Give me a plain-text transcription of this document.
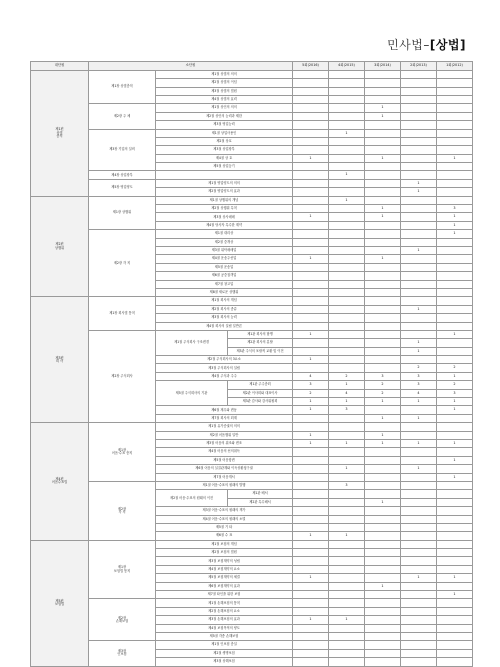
민사법–[상법]
대단원	소단원			5회(2016)	4회(2015)	3회(2014)	2회(2013)	1회(2012)
제1편
상법
총칙	제1장 상법총칙	제1절 상법의 의의						
		제2절 상법의 이념						
		제3절 상법의 법원						
		제4절 상법의 효력						
	제2장 주 체	제1절 상인의 의의				1		
		제2절 상인의 능력과 제한				1		
		제3절 영업능력						
	제3장 기업의 설비	제1절 상업사용인			1			
		제2절 상호						
		제3절 상업장부						
		제4절 상 호		1		1		1
		제5절 상업등기						
	제4장 상업장부				1			
	제5장 영업양도	제1절 영업양도의 의의					1	
		제2절 영업양도의 효과					1	
제2편
상행위	제1장 상행위	제1절 상행위의 개념			1			
		제2절 상행위 특칙				1		3
		제3절 상사매매		1		1		1
		제4절 당사자 특수한 계약						1
	제2장 각 칙	제1절 대리상						1
		제2절 중개상						
		제3절 위탁매매업					1	
		제4절 운송주선업		1		1		
		제5절 운송업						
		제6절 공중접객업						
		제7절 창고업						
		제8절 새로운 상행위						
제3편
회 사	제1장 회사법 통칙	제1절 회사의 개념						
		제2절 회사의 종류					1	
		제3절 회사의 능력						
		제4절 회사의 설립 일반론						
	제2장 주식회사	제1절 주식회사 구조변경	제1관 회사의 합병	1				1
			제2관 회사의 분할				1	
			제3관 주식의 포괄적 교환 및 이전				1	
		제2절 주식회사의 3요소		1				
		제3절 주식회사의 설립					2	2
		제4절 주식과 주주		4	2	3	3	1
		제5절 주식회사의 기관	제1관 주주총회	3	1	2	3	2
			제2관 이사회와 대표이사	2	4	2	4	3
			제3관 감사와 감사위원회	1	1	1	1	1
		제6절 재무와 변동		1	3			1
		제7절 회사의 회계				1	1	
제4편
어음수표법	제1장
어음·수표 총칙	제1절 유가증권의 의의						
		제2절 어음행위 일반		1		1		
		제3절 어음의 위조와 변조		1	1	1	1	1
		제4절 어음의 선의취득						
		제5절 어음항변						1
		제6절 어음의 실질관계와 이득상환청구권			1		1	
		제7절 어음개서						1
	제2장
각 칙	제1절 어음·수표의 원래의 발행			3			
		제2절 어음·수표의 원래의 이전	제1관 배서					
			제2관 특수배서			1		
		제3절 어음·수표의 원래의 책가						
		제4절 어음·수표의 원래의 소멸						
		제5절 기 타						
		제6절 수 표		1	1			
제5편
보험법	제1장
보험법 통칙	제1절 보험의 개념						
		제2절 보험의 법원						
		제3절 보험계약의 성립						
		제4절 보험계약의 요소						
		제5절 보험계약의 체결		1			1	1
		제6절 보험계약의 효과				1		
		제7절 타인을 위한 보험						1
	제2장
손해보험	제1절 손해보험의 통칙						
		제2절 손해보험의 요소						
		제3절 손해보험의 효과		1	1			
		제4절 보험목적의 양도						
		제5절 각종 손해보험						
	제3장
인보험	제1절 인보험 총설						
		제2절 생명보험						
		제3절 상해보험						
